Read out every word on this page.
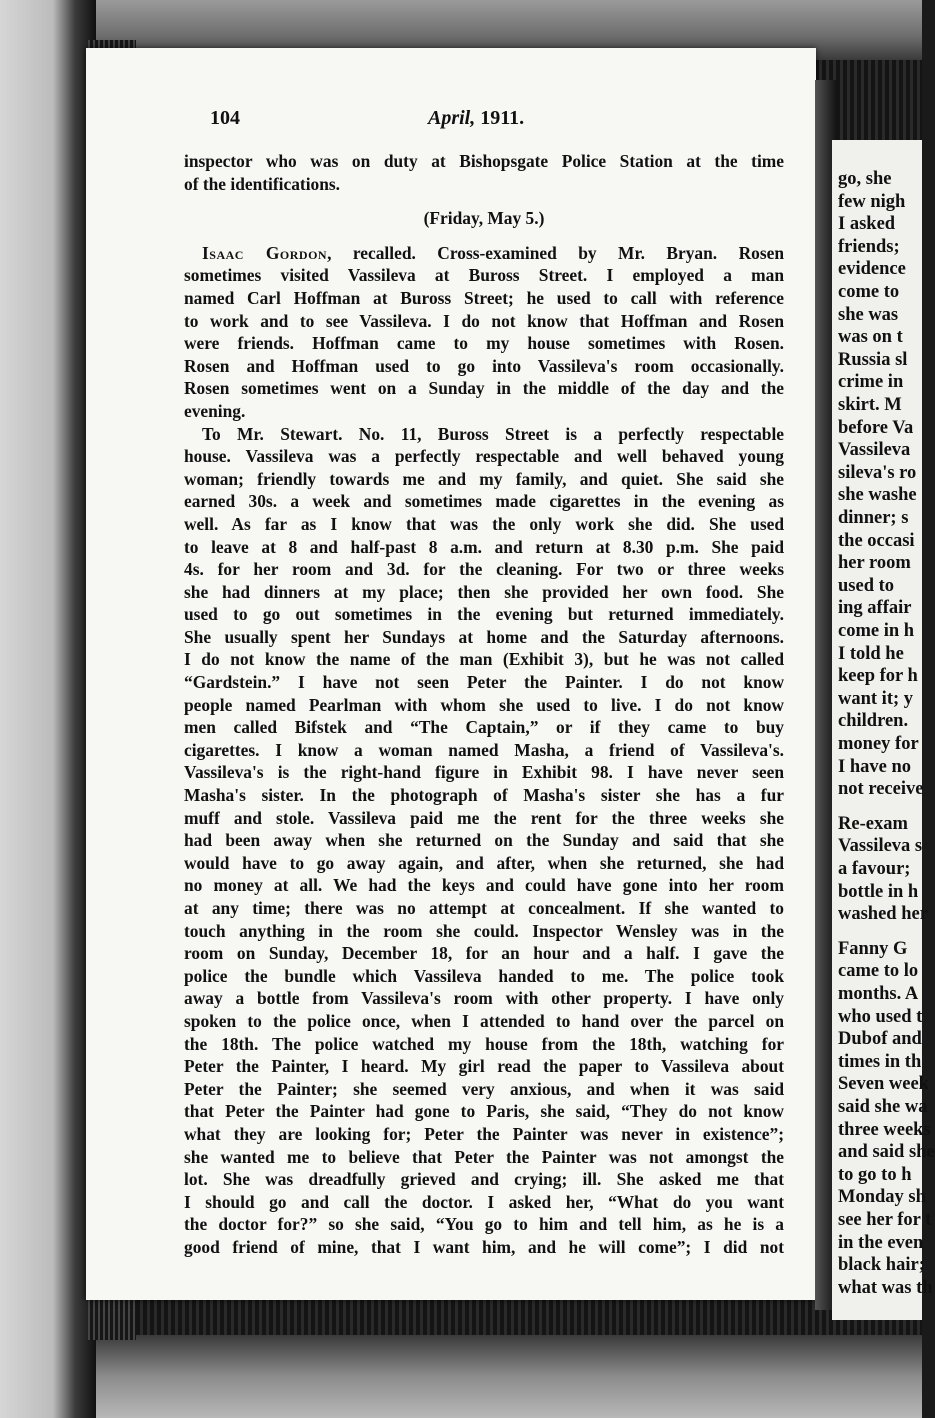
go, she
few nigh
I asked
friends;
evidence
come to
she was
was on t
Russia sl
crime in
skirt. M
before Va
Vassileva
sileva's ro
she washe
dinner; s
the occasi
her room
used to
ing affair
come in h
I told he
keep for h
want it; y
children.
money for
I have no
not receive
Re-exam
Vassileva s
a favour;
bottle in h
washed her
Fanny G
came to lo
months. A
who used t
Dubof and
times in th
Seven week
said she wa
three weeks
and said she
to go to h
Monday sh
see her for t
in the even
black hair;
what was th
104	April, 1911.
inspector who was on duty at Bishopsgate Police Station at the time
of the identifications.
(Friday, May 5.)
Isaac Gordon, recalled. Cross-examined by Mr. Bryan. Rosen
sometimes visited Vassileva at Buross Street. I employed a man
named Carl Hoffman at Buross Street; he used to call with reference
to work and to see Vassileva. I do not know that Hoffman and Rosen
were friends. Hoffman came to my house sometimes with Rosen.
Rosen and Hoffman used to go into Vassileva's room occasionally.
Rosen sometimes went on a Sunday in the middle of the day and the
evening.
To Mr. Stewart. No. 11, Buross Street is a perfectly respectable
house. Vassileva was a perfectly respectable and well behaved young
woman; friendly towards me and my family, and quiet. She said she
earned 30s. a week and sometimes made cigarettes in the evening as
well. As far as I know that was the only work she did. She used
to leave at 8 and half-past 8 a.m. and return at 8.30 p.m. She paid
4s. for her room and 3d. for the cleaning. For two or three weeks
she had dinners at my place; then she provided her own food. She
used to go out sometimes in the evening but returned immediately.
She usually spent her Sundays at home and the Saturday afternoons.
I do not know the name of the man (Exhibit 3), but he was not called
“Gardstein.” I have not seen Peter the Painter. I do not know
people named Pearlman with whom she used to live. I do not know
men called Bifstek and “The Captain,” or if they came to buy
cigarettes. I know a woman named Masha, a friend of Vassileva's.
Vassileva's is the right-hand figure in Exhibit 98. I have never seen
Masha's sister. In the photograph of Masha's sister she has a fur
muff and stole. Vassileva paid me the rent for the three weeks she
had been away when she returned on the Sunday and said that she
would have to go away again, and after, when she returned, she had
no money at all. We had the keys and could have gone into her room
at any time; there was no attempt at concealment. If she wanted to
touch anything in the room she could. Inspector Wensley was in the
room on Sunday, December 18, for an hour and a half. I gave the
police the bundle which Vassileva handed to me. The police took
away a bottle from Vassileva's room with other property. I have only
spoken to the police once, when I attended to hand over the parcel on
the 18th. The police watched my house from the 18th, watching for
Peter the Painter, I heard. My girl read the paper to Vassileva about
Peter the Painter; she seemed very anxious, and when it was said
that Peter the Painter had gone to Paris, she said, “They do not know
what they are looking for; Peter the Painter was never in existence”;
she wanted me to believe that Peter the Painter was not amongst the
lot. She was dreadfully grieved and crying; ill. She asked me that
I should go and call the doctor. I asked her, “What do you want
the doctor for?” so she said, “You go to him and tell him, as he is a
good friend of mine, that I want him, and he will come”; I did not
